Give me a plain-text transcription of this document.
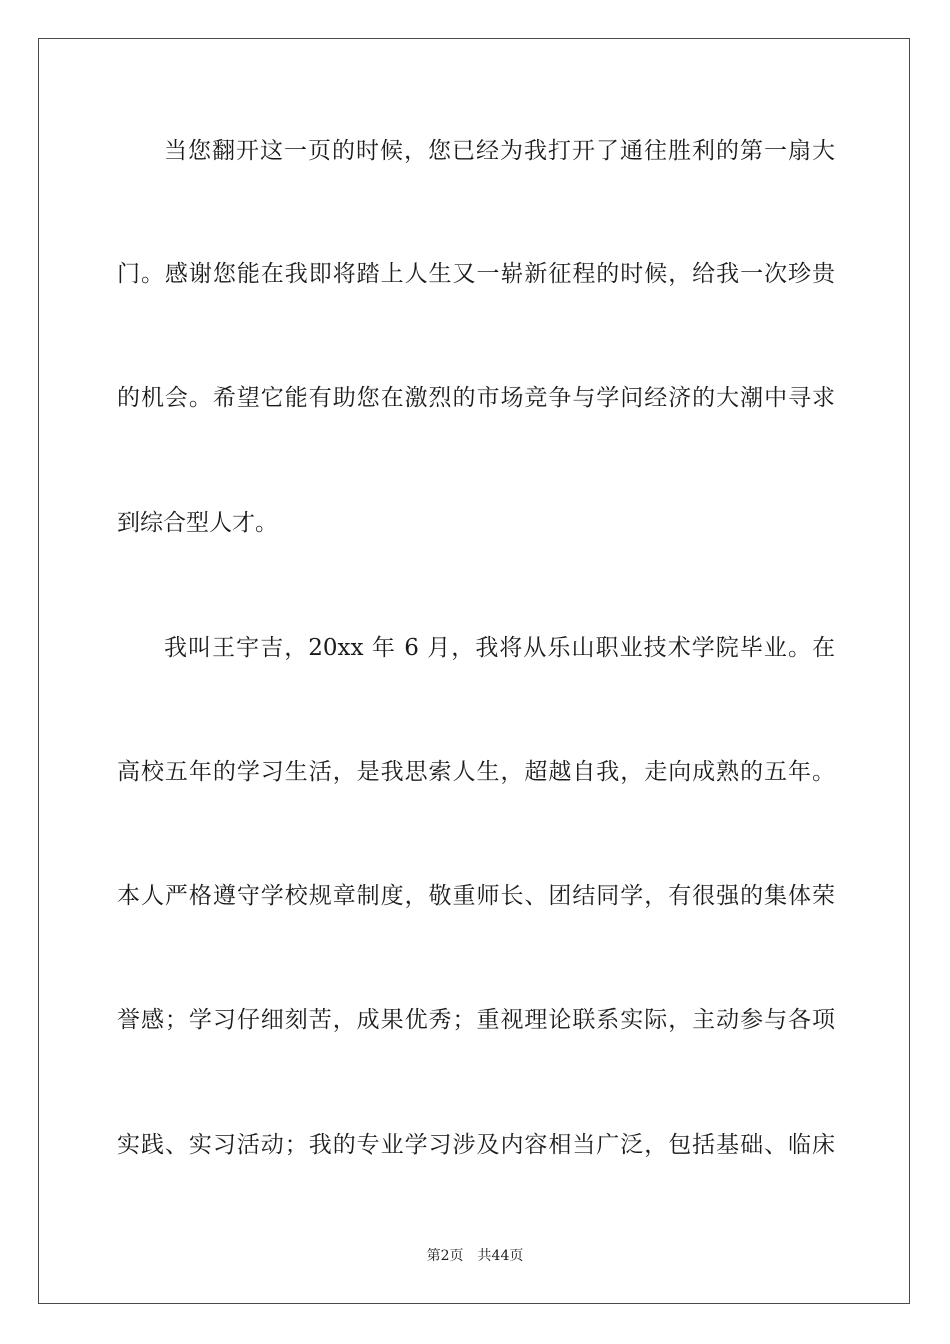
当您翻开这一页的时候，您已经为我打开了通往胜利的第一扇大
门。感谢您能在我即将踏上人生又一崭新征程的时候，给我一次珍贵
的机会。希望它能有助您在激烈的市场竞争与学问经济的大潮中寻求
到综合型人才。
我叫王宇吉，20xx 年 6 月，我将从乐山职业技术学院毕业。在
高校五年的学习生活，是我思索人生，超越自我，走向成熟的五年。
本人严格遵守学校规章制度，敬重师长、团结同学，有很强的集体荣
誉感；学习仔细刻苦，成果优秀；重视理论联系实际，主动参与各项
实践、实习活动；我的专业学习涉及内容相当广泛，包括基础、临床
第2页 共44页
